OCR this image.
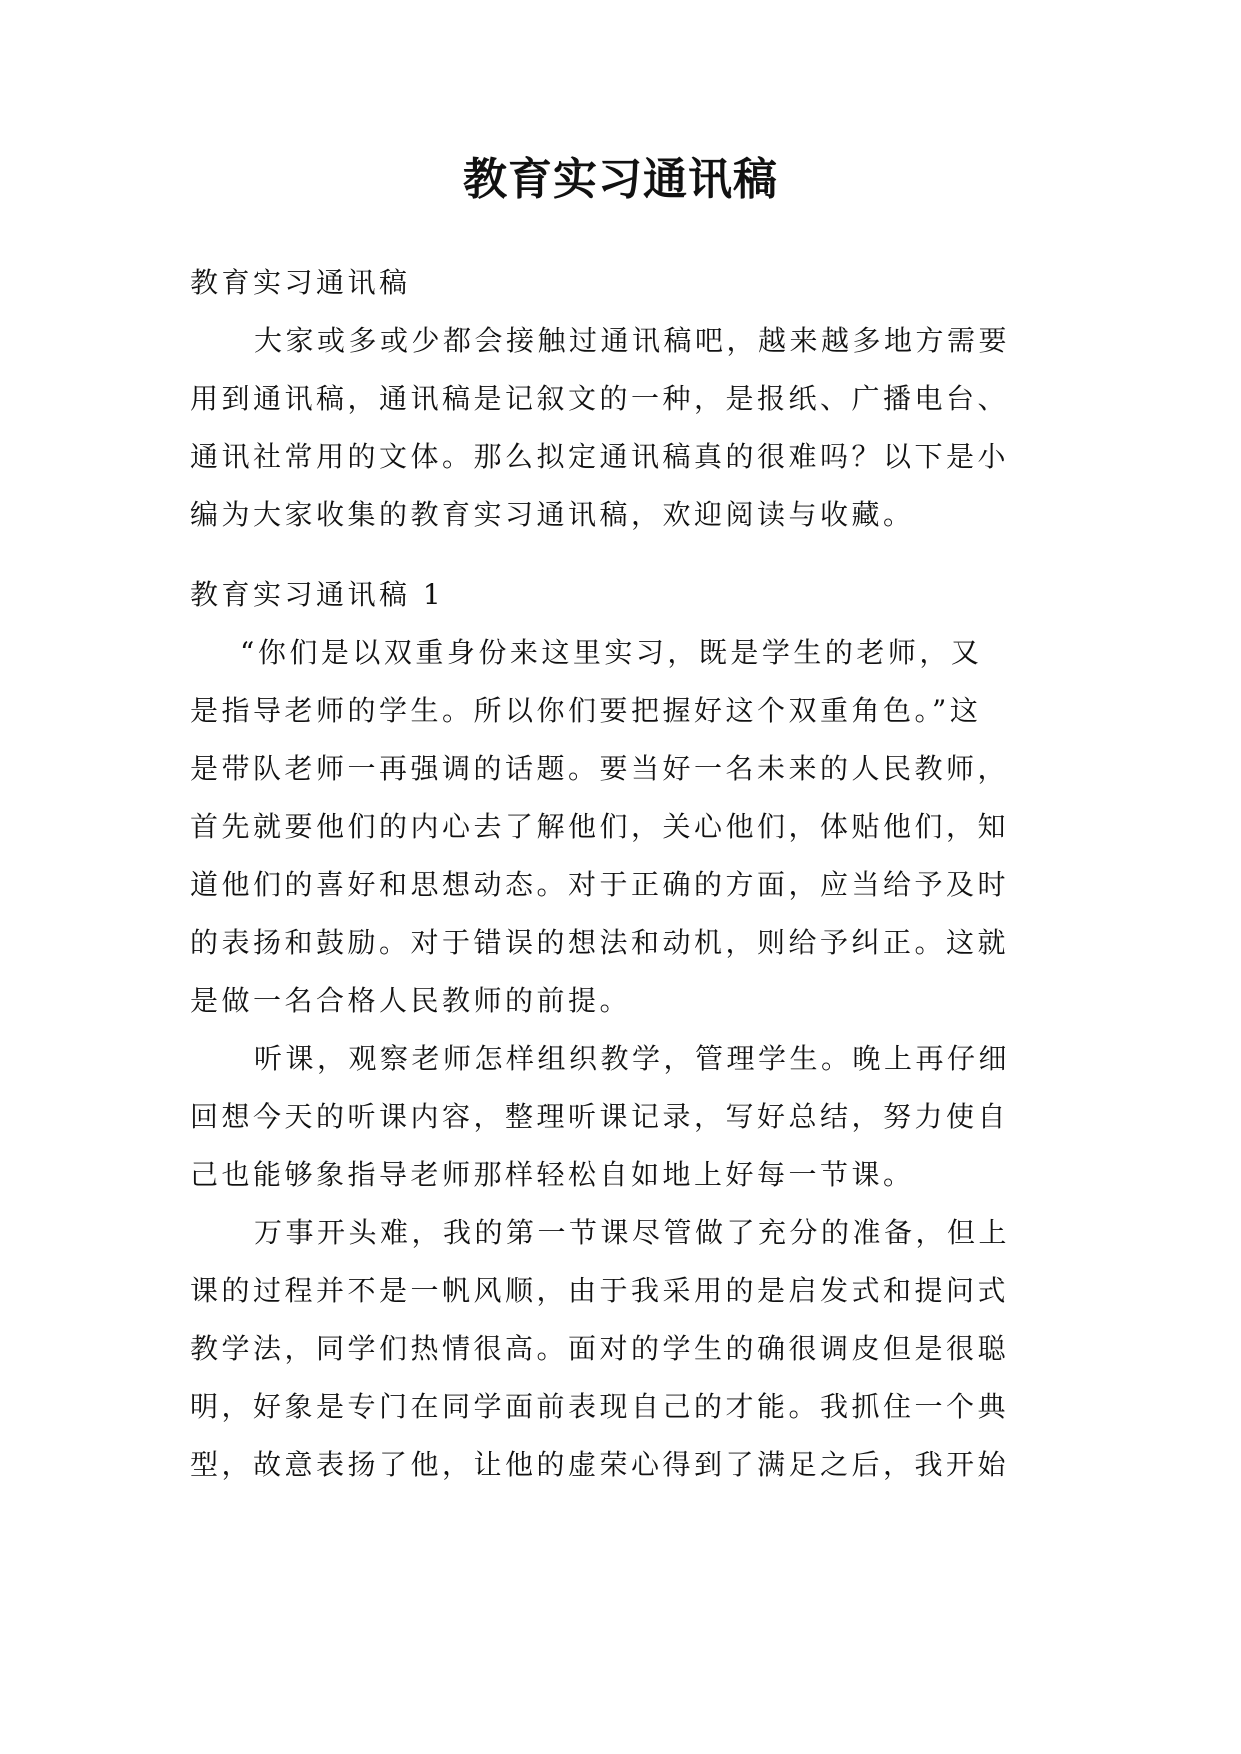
教育实习通讯稿

教育实习通讯稿

大家或多或少都会接触过通讯稿吧，越来越多地方需要
用到通讯稿，通讯稿是记叙文的一种，是报纸、广播电台、
通讯社常用的文体。那么拟定通讯稿真的很难吗？以下是小
编为大家收集的教育实习通讯稿，欢迎阅读与收藏。

教育实习通讯稿 1

“你们是以双重身份来这里实习，既是学生的老师，又
是指导老师的学生。所以你们要把握好这个双重角色。”这
是带队老师一再强调的话题。要当好一名未来的人民教师，
首先就要他们的内心去了解他们，关心他们，体贴他们，知
道他们的喜好和思想动态。对于正确的方面，应当给予及时
的表扬和鼓励。对于错误的想法和动机，则给予纠正。这就
是做一名合格人民教师的前提。

听课，观察老师怎样组织教学，管理学生。晚上再仔细
回想今天的听课内容，整理听课记录，写好总结，努力使自
己也能够象指导老师那样轻松自如地上好每一节课。

万事开头难，我的第一节课尽管做了充分的准备，但上
课的过程并不是一帆风顺，由于我采用的是启发式和提问式
教学法，同学们热情很高。面对的学生的确很调皮但是很聪
明，好象是专门在同学面前表现自己的才能。我抓住一个典
型，故意表扬了他，让他的虚荣心得到了满足之后，我开始
